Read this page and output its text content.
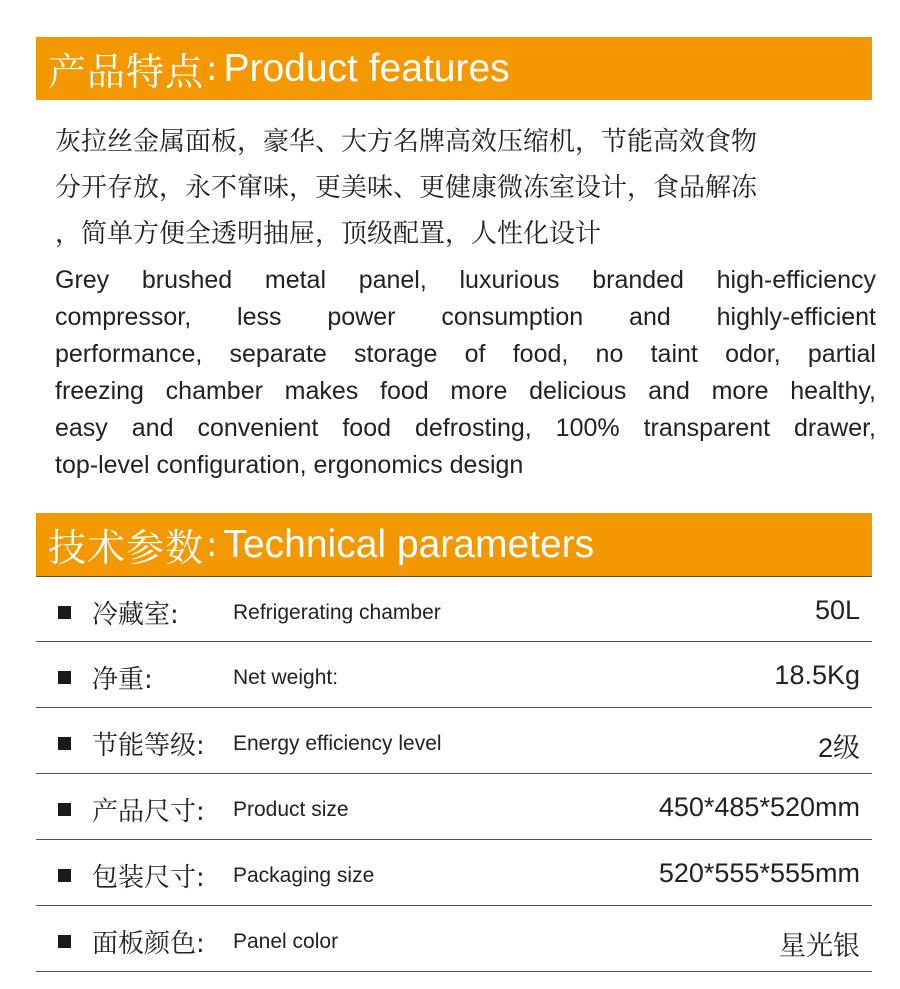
产品特点 : Product features
灰拉丝金属面板，豪华、大方名牌高效压缩机，节能高效食物
分开存放，永不窜味，更美味、更健康微冻室设计，食品解冻
，简单方便全透明抽屉，顶级配置，人性化设计
Grey brushed metal panel, luxurious branded high-efficiency
compressor, less power consumption and highly-efficient
performance, separate storage of food, no taint odor, partial
freezing chamber makes food more delicious and more healthy,
easy and convenient food defrosting, 100% transparent drawer,
top-level configuration, ergonomics design
技术参数 : Technical parameters
冷藏室:	Refrigerating chamber	50L
净重:	Net weight:	18.5Kg
节能等级: Energy efficiency level	2级
产品尺寸: Product size	450*485*520mm
包装尺寸: Packaging size	520*555*555mm
面板颜色: Panel color	星光银
